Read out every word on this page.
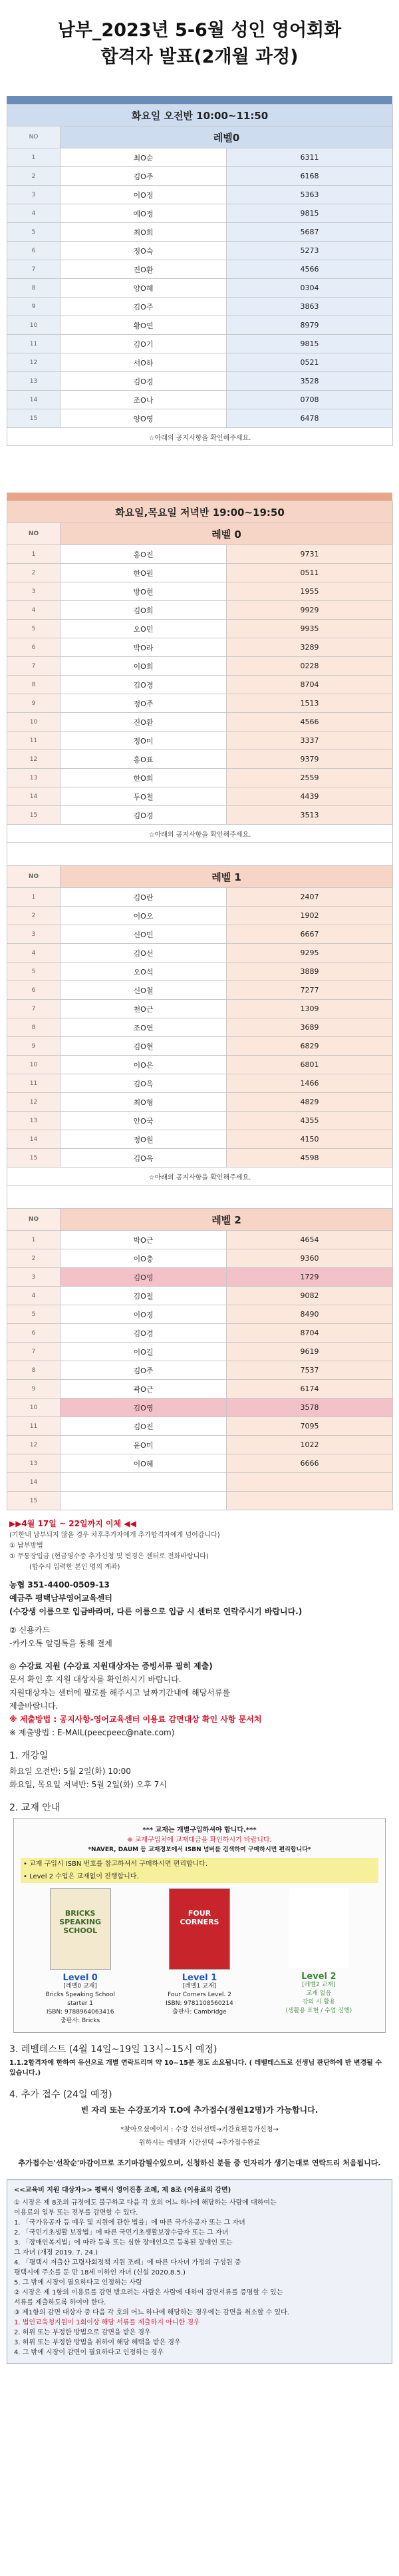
남부_2023년 5-6월 성인 영어회화
합격자 발표(2개월 과정)
화요일 오전반 10:00~11:50		
NO	레벨0	
1	최O순	6311
2	김O주	6168
3	이O정	5363
4	예O정	9815
5	최O희	5687
6	정O숙	5273
7	진O환	4566
8	양O혜	0304
9	김O주	3863
10	황O연	8979
11	김O기	9815
12	서O하	0521
13	김O경	3528
14	조O나	0708
15	양O영	6478
☆아래의 공지사항을 확인해주세요.		
화요일,목요일 저녁반 19:00~19:50		
NO	레벨 0	
1	홍O진	9731
2	한O원	0511
3	방O현	1955
4	김O희	9929
5	오O민	9935
6	박O라	3289
7	이O희	0228
8	김O경	8704
9	정O주	1513
10	진O환	4566
11	정O미	3337
12	홍O표	9379
13	한O희	2559
14	두O철	4439
15	김O경	3513
☆아래의 공지사항을 확인해주세요.		

NO	레벨 1	
1	김O란	2407
2	이O오	1902
3	신O민	6667
4	김O선	9295
5	오O석	3889
6	신O철	7277
7	천O근	1309
8	조O연	3689
9	김O현	6829
10	이O은	6801
11	김O옥	1466
12	최O형	4829
13	안O국	4355
14	정O원	4150
15	김O옥	4598
☆아래의 공지사항을 확인해주세요.		

NO	레벨 2	
1	박O근	4654
2	이O충	9360
3	김O영	1729
4	김O철	9082
5	이O경	8490
6	김O경	8704
7	이O길	9619
8	김O주	7537
9	곽O근	6174
10	김O영	3578
11	김O진	7095
12	윤O미	1022
13	이O혜	6666
14		
15		
▶▶4월 17일 ~ 22일까지 이체 ◀◀
(기한내 납부되지 않을 경우 차후추가자에게 추가합격자에게 넘어갑니다)
① 납부방법
① 무통장입금 (현금영수증 추가신청 및 변경은 센터로 전화바랍니다)
(합수시 입력한 본인 명의 계좌)
농협 351-4400-0509-13
예금주 평택남부영어교육센터
(수강생 이름으로 입금바라며, 다른 이름으로 입금 시 센터로 연락주시기 바랍니다.)
② 신용카드
-카카오톡 알림톡을 통해 결제
◎ 수강료 지원 (수강료 지원대상자는 증빙서류 필히 제출)
문서 확인 후 지원 대상자를 확인하시기 바랍니다.
지원대상자는 센터에 팔로를 해주시고 날짜기간내에 해당서류를
제출바랍니다.
※ 제출방법 : 공지사항-영어교육센터 이용료 감면대상 확인 사항 문서처
※ 제출방법 : E-MAIL(peecpeec@nate.com)
1. 개강일
화요일 오전반: 5월 2일(화) 10:00
화요일, 목요일 저녁반: 5월 2일(화) 오후 7시
2. 교재 안내
*** 교재는 개별구입하셔야 합니다.***
※ 교재구입처에 교재대금을 확인하시기 바랍니다.
*NAVER, DAUM 등 교재정보에서 ISBN 넘버를 검색하여 구매하시면 편리합니다*
• 교재 구입시 ISBN 번호를 참고하셔서 구매하시면 편리합니다.
• Level 2 수업은 교재없이 진행합니다.
BRICKS SPEAKING SCHOOL
Level 0
[레벨0 교재]
Bricks Speaking School
starter 1
ISBN: 9788964063416
출판사: Bricks
FOUR CORNERS
Level 1
[레벨1 교재]
Four Corners Level. 2
ISBN: 9781108560214
출판사: Cambridge
Level 2
[레벨2 교재]
교재 없음
강의 시 활용
(생활용 표현 / 수업 진행)
3. 레벨테스트 (4월 14일~19일 13시~15시 예정)
1.1.2합격자에 한하여 유선으로 개별 연락드리며 약 10~15분 정도 소요됩니다. ( 레벨테스트로 선생님 판단하에 반 변경될 수 있습니다.)
4. 추가 접수 (24일 예정)
빈 자리 또는 수강포기자 T.O에 추가접수(정원12명)가 가능합니다.
*찾아오셨에이지 : 수강 선터선택→기간효된등가신청→
원하시는 레벨과 시간선택 →추가접수완료
추가접수는'선착순'마감이므로 조기마감될수있으며, 신청하신 분들 중 인자리가 생기는대로 연락드리 처음됩니다.
<<교육비 지원 대상자>> 평택시 영어진흥 조례, 제 8조 (이용료의 감면)
① 시장은 제 8조의 규정에도 불구하고 다음 각 호의 어느 하나에 해당하는 사람에 대하여는
이용료의 일부 또는 전부를 감면할 수 있다.
1. 「국가유공자 등 예우 및 지원에 관한 법률」에 따른 국가유공자 또는 그 자녀
2. 「국민기초생활 보장법」에 따른 국민기초생활보장수급자 또는 그 자녀
3. 「장애인복지법」에 따라 등록 또는 심한 장애인으로 등록된 장애인 또는
그 자녀 (개정 2019. 7. 24.)
4. 「평택시 저출산 고령사회정책 지원 조례」에 따른 다자녀 가정의 구성원 중
평택시에 주소를 둔 만 18세 이하인 자녀 (신설 2020.8.5.)
5. 그 밖에 시장이 필요하다고 인정하는 사람
② 시장은 제 1항의 이용료를 감면 받으려는 사람은 사람에 대하여 감면서류를 증명할 수 있는
서류를 제출하도록 하여야 한다.
③ 제1항의 감면 대상자 중 다음 각 호의 어느 하나에 해당하는 경우에는 감면을 취소할 수 있다.
1. 법인교육청지원이 1회이상 해당 서류를 제출하지 아니한 경우
2. 허위 또는 부정한 방법으로 감면을 받은 경우
3. 허위 또는 부정한 방법을 취하여 해당 혜택을 받은 경우
4. 그 밖에 시장이 감면이 필요하다고 인정하는 경우
